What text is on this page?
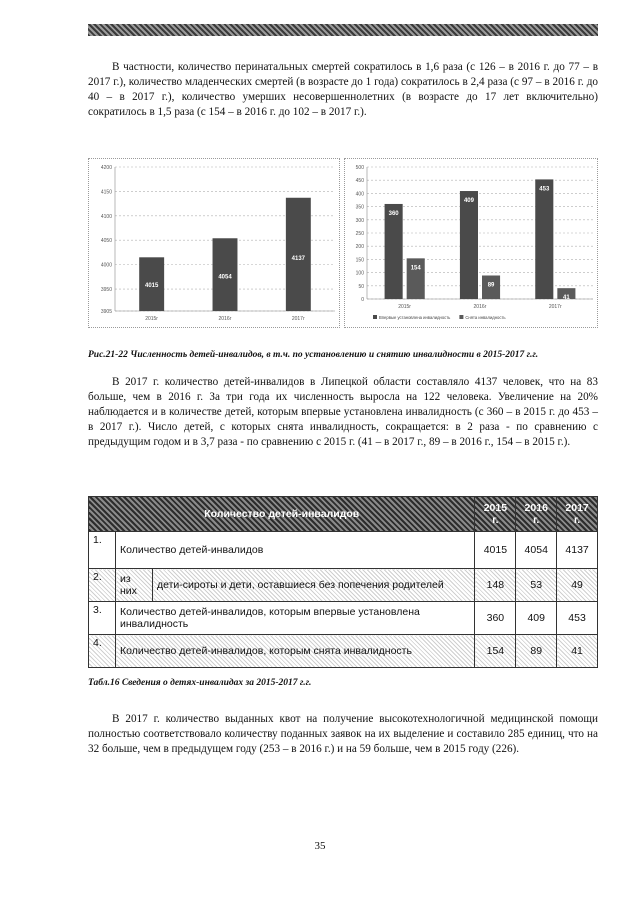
В частности, количество перинатальных смертей сократилось в 1,6 раза (с 126 – в 2016 г. до 77 – в 2017 г.), количество младенческих смертей (в возрасте до 1 года) сократилось в 2,4 раза (с 97 – в 2016 г. до 40 – в 2017 г.), количество умерших несовершеннолетних (в возрасте до 17 лет включительно) сократилось в 1,5 раза (с 154 – в 2016 г. до 102 – в 2017 г.).

3905
3950
4000
4050
4100
4150
4200
2015г
4015
2016г
4054
2017г
4137
0
50
100
150
200
250
300
350
400
450
500
2015г
360
154
2016г
409
89
2017г
453
41
Впервые установлена инвалидность	Снята инвалидность

Рис.21-22 Численность детей-инвалидов, в т.ч. по установлению и снятию инвалидности в 2015-2017 г.г.

В 2017 г. количество детей-инвалидов в Липецкой области составляло 4137 человек, что на 83 больше, чем в 2016 г. За три года их численность выросла на 122 человека. Увеличение на 20% наблюдается и в количестве детей, которым впервые установлена инвалидность (с 360 – в 2015 г. до 453 – в 2017 г.). Число детей, с которых снята инвалидность, сокращается: в 2 раза - по сравнению с предыдущим годом и в 3,7 раза - по сравнению с 2015 г. (41 – в 2017 г., 89 – в 2016 г., 154 – в 2015 г.).

Количество детей-инвалидов			2015 г.	2016 г.	2017 г.
1.	Количество детей-инвалидов		4015	4054	4137
2.	из них	дети-сироты и дети, оставшиеся без попечения родителей	148	53	49
3.	Количество детей-инвалидов, которым впервые установлена инвалидность		360	409	453
4.	Количество детей-инвалидов, которым снята инвалидность		154	89	41

Табл.16 Сведения о детях-инвалидах за 2015-2017 г.г.

В 2017 г. количество выданных квот на получение высокотехнологичной медицинской помощи полностью соответствовало количеству поданных заявок на их выделение и составило 285 единиц, что на 32 больше, чем в предыдущем году (253 – в 2016 г.) и на 59 больше, чем в 2015 году (226).

35
